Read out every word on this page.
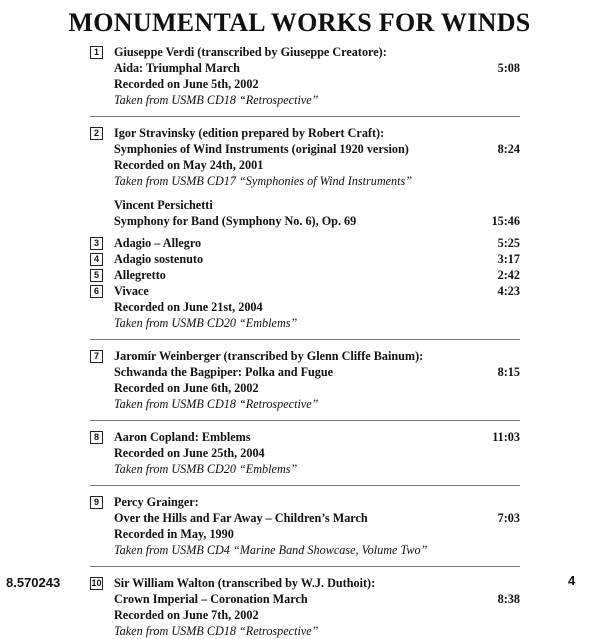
MONUMENTAL WORKS FOR WINDS
1	Giuseppe Verdi (transcribed by Giuseppe Creatore):
Aida: Triumphal March	5:08
Recorded on June 5th, 2002
Taken from USMB CD18 “Retrospective”
2	Igor Stravinsky (edition prepared by Robert Craft):
Symphonies of Wind Instruments (original 1920 version)	8:24
Recorded on May 24th, 2001
Taken from USMB CD17 “Symphonies of Wind Instruments”
Vincent Persichetti
Symphony for Band (Symphony No. 6), Op. 69	15:46
3	Adagio – Allegro	5:25
4	Adagio sostenuto	3:17
5	Allegretto	2:42
6	Vivace	4:23
Recorded on June 21st, 2004
Taken from USMB CD20 “Emblems”
7	Jaromír Weinberger (transcribed by Glenn Cliffe Bainum):
Schwanda the Bagpiper: Polka and Fugue	8:15
Recorded on June 6th, 2002
Taken from USMB CD18 “Retrospective”
8	Aaron Copland: Emblems	11:03
Recorded on June 25th, 2004
Taken from USMB CD20 “Emblems”
9	Percy Grainger:
Over the Hills and Far Away – Children’s March	7:03
Recorded in May, 1990
Taken from USMB CD4 “Marine Band Showcase, Volume Two”
10 Sir William Walton (transcribed by W.J. Duthoit):
Crown Imperial – Coronation March	8:38
Recorded on June 7th, 2002
Taken from USMB CD18 “Retrospective”
8.570243	4
